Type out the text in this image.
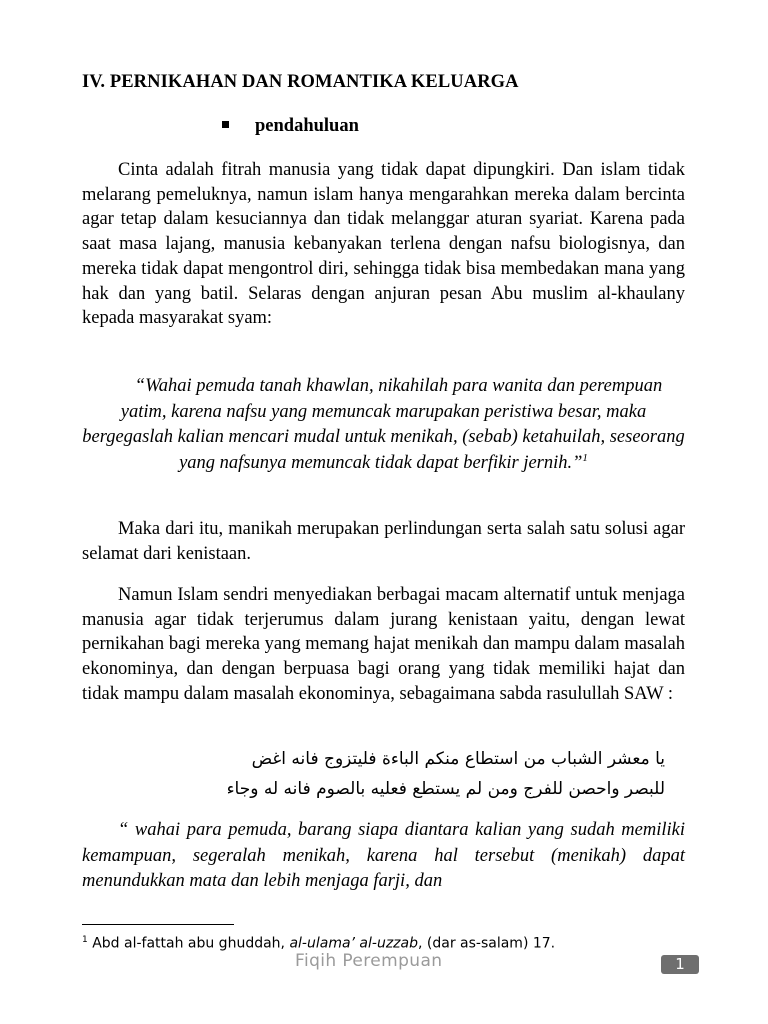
IV. PERNIKAHAN DAN ROMANTIKA KELUARGA
pendahuluan

Cinta adalah fitrah manusia yang tidak dapat dipungkiri. Dan islam tidak melarang pemeluknya, namun islam hanya mengarahkan mereka dalam bercinta agar tetap dalam kesuciannya dan tidak melanggar aturan syariat. Karena pada saat masa lajang, manusia kebanyakan terlena dengan nafsu biologisnya, dan mereka tidak dapat mengontrol diri, sehingga tidak bisa membedakan mana yang hak dan yang batil. Selaras dengan anjuran pesan Abu muslim al-khaulany kepada masyarakat syam:

“Wahai pemuda tanah khawlan, nikahilah para wanita dan perempuan yatim, karena nafsu yang memuncak marupakan peristiwa besar, maka bergegaslah kalian mencari mudal untuk menikah, (sebab) ketahuilah, seseorang yang nafsunya memuncak tidak dapat berfikir jernih.”$^1$

Maka dari itu, manikah merupakan perlindungan serta salah satu solusi agar selamat dari kenistaan.

Namun Islam sendri menyediakan berbagai macam alternatif untuk menjaga manusia agar tidak terjerumus dalam jurang kenistaan yaitu, dengan lewat pernikahan bagi mereka yang memang hajat menikah dan mampu dalam masalah ekonominya, dan dengan berpuasa bagi orang yang tidak memiliki hajat dan tidak mampu dalam masalah ekonominya, sebagaimana sabda rasulullah SAW :

يا معشر الشباب من استطاع منكم الباءة فليتزوج فانه اغض
للبصر واحصن للفرج ومن لم يستطع فعليه بالصوم فانه له وجاء

“ wahai para pemuda, barang siapa diantara kalian yang sudah memiliki kemampuan, segeralah menikah, karena hal tersebut (menikah) dapat menundukkan mata dan lebih menjaga farji, dan

$^1$ Abd al-fattah abu ghuddah, al-ulama’ al-uzzab, (dar as-salam) 17.
Fiqih Perempuan	1
